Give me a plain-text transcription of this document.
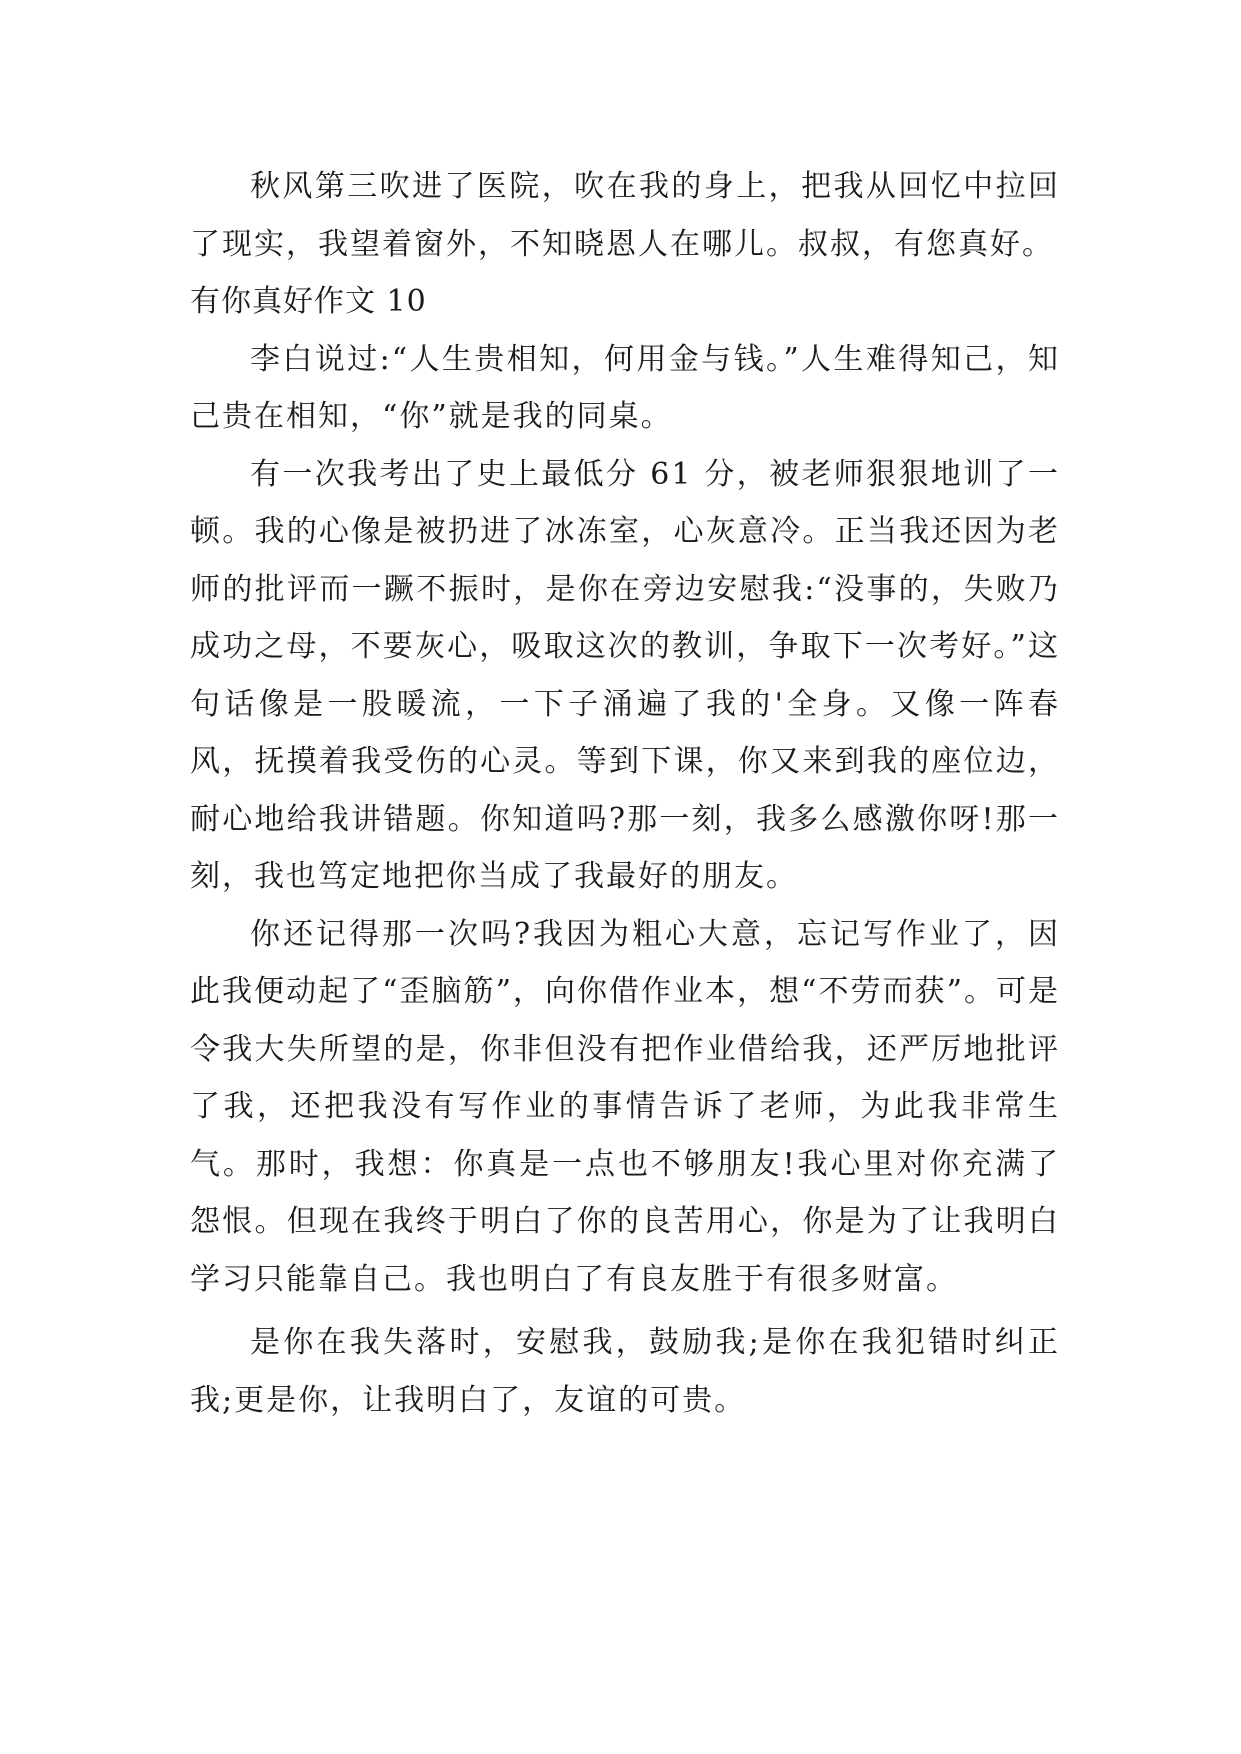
秋风第三吹进了医院，吹在我的身上，把我从回忆中拉回了现实，我望着窗外，不知晓恩人在哪儿。叔叔，有您真好。

有你真好作文 10

李白说过:“人生贵相知，何用金与钱。”人生难得知己，知己贵在相知，“你”就是我的同桌。

有一次我考出了史上最低分 61 分，被老师狠狠地训了一顿。我的心像是被扔进了冰冻室，心灰意冷。正当我还因为老师的批评而一蹶不振时，是你在旁边安慰我:“没事的，失败乃成功之母，不要灰心，吸取这次的教训，争取下一次考好。”这句话像是一股暖流，一下子涌遍了我的'全身。又像一阵春风，抚摸着我受伤的心灵。等到下课，你又来到我的座位边，耐心地给我讲错题。你知道吗?那一刻，我多么感激你呀!那一刻，我也笃定地把你当成了我最好的朋友。

你还记得那一次吗?我因为粗心大意，忘记写作业了，因此我便动起了“歪脑筋”，向你借作业本，想“不劳而获”。可是令我大失所望的是，你非但没有把作业借给我，还严厉地批评了我，还把我没有写作业的事情告诉了老师，为此我非常生气。那时，我想：你真是一点也不够朋友!我心里对你充满了怨恨。但现在我终于明白了你的良苦用心，你是为了让我明白学习只能靠自己。我也明白了有良友胜于有很多财富。

是你在我失落时，安慰我，鼓励我;是你在我犯错时纠正我;更是你，让我明白了，友谊的可贵。
